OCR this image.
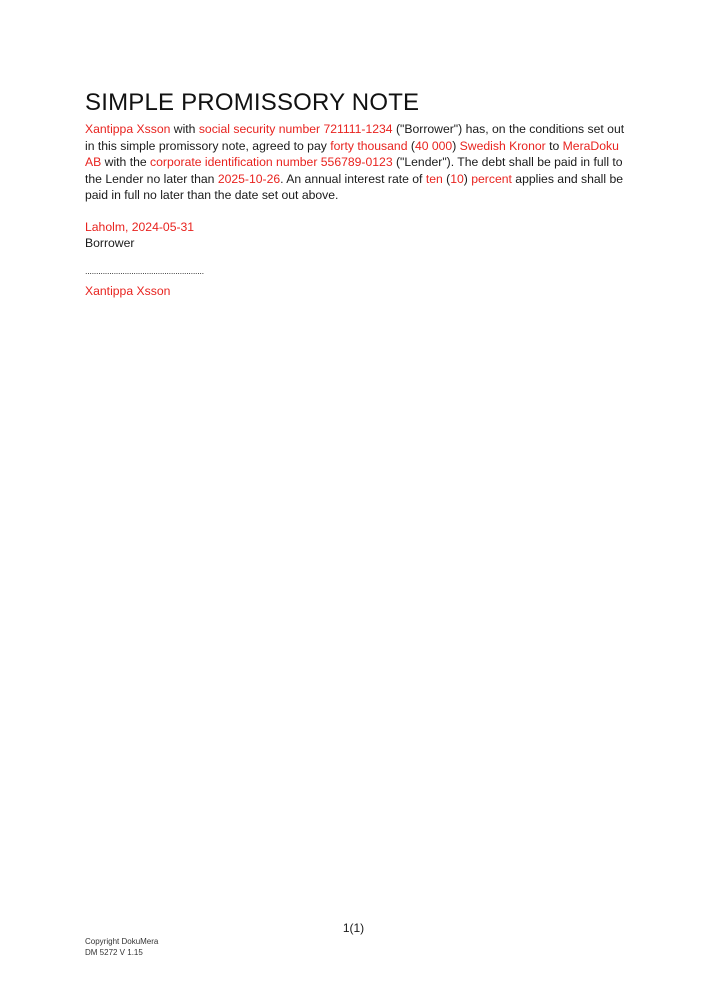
SIMPLE PROMISSORY NOTE

Xantippa Xsson with social security number 721111-1234 ("Borrower") has, on the conditions set out in this simple promissory note, agreed to pay forty thousand (40 000) Swedish Kronor to MeraDoku AB with the corporate identification number 556789-0123 ("Lender"). The debt shall be paid in full to the Lender no later than 2025-10-26. An annual interest rate of ten (10) percent applies and shall be paid in full no later than the date set out above.

Laholm, 2024-05-31
Borrower
......................................................
Xantippa Xsson
1(1)
Copyright DokuMera
DM 5272 V 1.15
